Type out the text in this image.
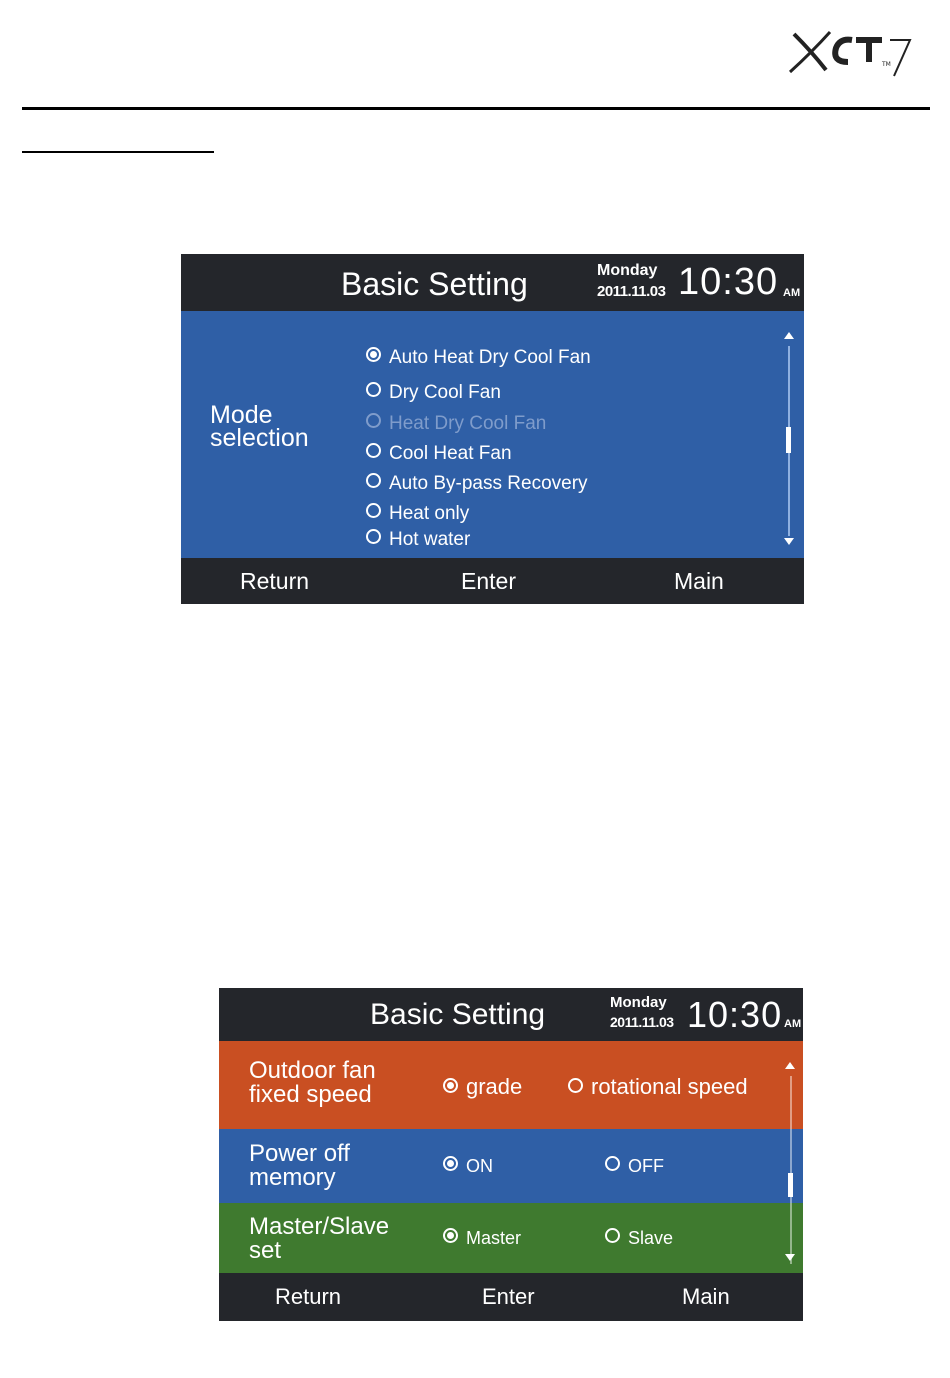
TM
Basic Setting	Monday
2011.11.03 10:30 AM
Mode
selection
Auto Heat Dry Cool Fan
Dry Cool Fan
Heat Dry Cool Fan
Cool Heat Fan
Auto By-pass Recovery
Heat only
Hot water
Return	Enter	Main
Basic Setting	Monday
2011.11.03 10:30 AM
Outdoor fan
fixed speed	grade	rotational speed
Power off
memory	ON	OFF
Master/Slave
set	Master	Slave
Return	Enter	Main
